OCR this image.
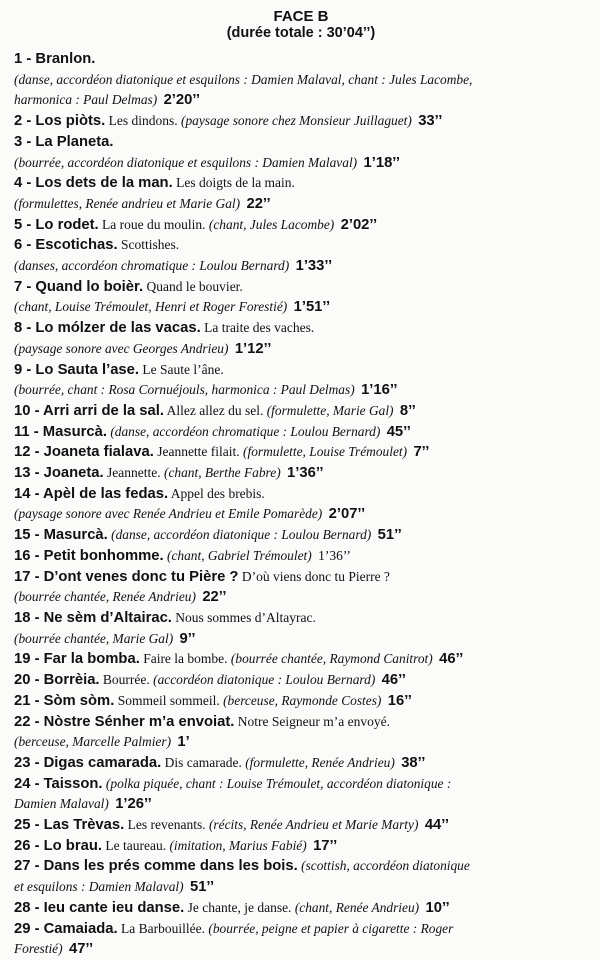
FACE B
(durée totale : 30’04’’)
1 - Branlon.
(danse, accordéon diatonique et esquilons : Damien Malaval, chant : Jules Lacombe,
harmonica : Paul Delmas) 2’20’’
2 - Los piòts. Les dindons. (paysage sonore chez Monsieur Juillaguet) 33’’
3 - La Planeta.
(bourrée, accordéon diatonique et esquilons : Damien Malaval) 1’18’’
4 - Los dets de la man. Les doigts de la main.
(formulettes, Renée andrieu et Marie Gal) 22’’
5 - Lo rodet. La roue du moulin. (chant, Jules Lacombe) 2’02’’
6 - Escotichas. Scottishes.
(danses, accordéon chromatique : Loulou Bernard) 1’33’’
7 - Quand lo boièr. Quand le bouvier.
(chant, Louise Trémoulet, Henri et Roger Forestié) 1’51’’
8 - Lo mólzer de las vacas. La traite des vaches.
(paysage sonore avec Georges Andrieu) 1’12’’
9 - Lo Sauta l’ase. Le Saute l’âne.
(bourrée, chant : Rosa Cornuéjouls, harmonica : Paul Delmas) 1’16’’
10 - Arri arri de la sal. Allez allez du sel. (formulette, Marie Gal) 8’’
11 - Masurcà. (danse, accordéon chromatique : Loulou Bernard) 45’’
12 - Joaneta fialava. Jeannette filait. (formulette, Louise Trémoulet) 7’’
13 - Joaneta. Jeannette. (chant, Berthe Fabre) 1’36’’
14 - Apèl de las fedas. Appel des brebis.
(paysage sonore avec Renée Andrieu et Emile Pomarède) 2’07’’
15 - Masurcà. (danse, accordéon diatonique : Loulou Bernard) 51’’
16 - Petit bonhomme. (chant, Gabriel Trémoulet) 1’36’’
17 - D’ont venes donc tu Pière ? D’où viens donc tu Pierre ?
(bourrée chantée, Renée Andrieu) 22’’
18 - Ne sèm d’Altairac. Nous sommes d’Altayrac.
(bourrée chantée, Marie Gal) 9’’
19 - Far la bomba. Faire la bombe. (bourrée chantée, Raymond Canitrot) 46’’
20 - Borrèia. Bourrée. (accordéon diatonique : Loulou Bernard) 46’’
21 - Sòm sòm. Sommeil sommeil. (berceuse, Raymonde Costes) 16’’
22 - Nòstre Sénher m’a envoiat. Notre Seigneur m’a envoyé.
(berceuse, Marcelle Palmier) 1’
23 - Digas camarada. Dis camarade. (formulette, Renée Andrieu) 38’’
24 - Taisson. (polka piquée, chant : Louise Trémoulet, accordéon diatonique :
Damien Malaval) 1’26’’
25 - Las Trèvas. Les revenants. (récits, Renée Andrieu et Marie Marty) 44’’
26 - Lo brau. Le taureau. (imitation, Marius Fabié) 17’’
27 - Dans les prés comme dans les bois. (scottish, accordéon diatonique
et esquilons : Damien Malaval) 51’’
28 - Ieu cante ieu danse. Je chante, je danse. (chant, Renée Andrieu) 10’’
29 - Camaiada. La Barbouillée. (bourrée, peigne et papier à cigarette : Roger
Forestié) 47’’
